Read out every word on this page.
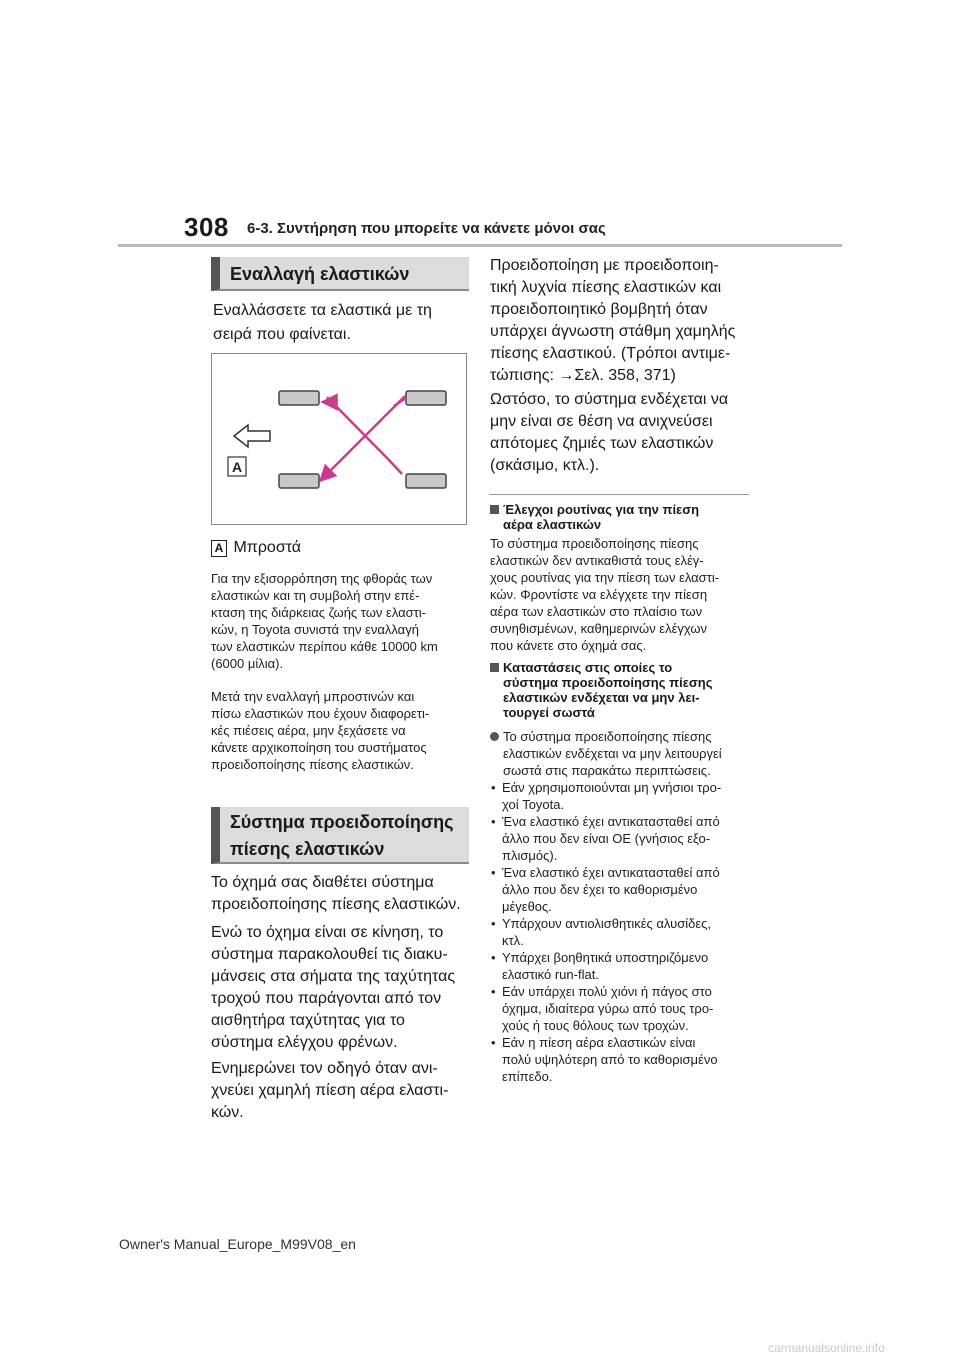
308 6-3. Συντήρηση που μπορείτε να κάνετε μόνοι σας
Εναλλαγή ελαστικών
Εναλλάσσετε τα ελαστικά με τη
σειρά που φαίνεται.
A
A Μπροστά
Για την εξισορρόπηση της φθοράς των
ελαστικών και τη συμβολή στην επέ-
κταση της διάρκειας ζωής των ελαστι-
κών, η Toyota συνιστά την εναλλαγή
των ελαστικών περίπου κάθε 10000 km
(6000 μίλια).
Μετά την εναλλαγή μπροστινών και
πίσω ελαστικών που έχουν διαφορετι-
κές πιέσεις αέρα, μην ξεχάσετε να
κάνετε αρχικοποίηση του συστήματος
προειδοποίησης πίεσης ελαστικών.
Σύστημα προειδοποίησης
πίεσης ελαστικών
Το όχημά σας διαθέτει σύστημα
προειδοποίησης πίεσης ελαστικών.
Ενώ το όχημα είναι σε κίνηση, το
σύστημα παρακολουθεί τις διακυ-
μάνσεις στα σήματα της ταχύτητας
τροχού που παράγονται από τον
αισθητήρα ταχύτητας για το
σύστημα ελέγχου φρένων.
Ενημερώνει τον οδηγό όταν ανι-
χνεύει χαμηλή πίεση αέρα ελαστι-
κών.
Προειδοποίηση με προειδοποιη-
τική λυχνία πίεσης ελαστικών και
προειδοποιητικό βομβητή όταν
υπάρχει άγνωστη στάθμη χαμηλής
πίεσης ελαστικού. (Τρόποι αντιμε-
τώπισης: →Σελ. 358, 371)
Ωστόσο, το σύστημα ενδέχεται να
μην είναι σε θέση να ανιχνεύσει
απότομες ζημιές των ελαστικών
(σκάσιμο, κτλ.).
Έλεγχοι ρουτίνας για την πίεση
αέρα ελαστικών
Το σύστημα προειδοποίησης πίεσης
ελαστικών δεν αντικαθιστά τους ελέγ-
χους ρουτίνας για την πίεση των ελαστι-
κών. Φροντίστε να ελέγχετε την πίεση
αέρα των ελαστικών στο πλαίσιο των
συνηθισμένων, καθημερινών ελέγχων
που κάνετε στο όχημά σας.
Καταστάσεις στις οποίες το
σύστημα προειδοποίησης πίεσης
ελαστικών ενδέχεται να μην λει-
τουργεί σωστά
Το σύστημα προειδοποίησης πίεσης
ελαστικών ενδέχεται να μην λειτουργεί
σωστά στις παρακάτω περιπτώσεις.
• Εάν χρησιμοποιούνται μη γνήσιοι τρο-
χοί Toyota.
• Ένα ελαστικό έχει αντικατασταθεί από
άλλο που δεν είναι OE (γνήσιος εξο-
πλισμός).
• Ένα ελαστικό έχει αντικατασταθεί από
άλλο που δεν έχει το καθορισμένο
μέγεθος.
• Υπάρχουν αντιολισθητικές αλυσίδες,
κτλ.
• Υπάρχει βοηθητικά υποστηριζόμενο
ελαστικό run-flat.
• Εάν υπάρχει πολύ χιόνι ή πάγος στο
όχημα, ιδιαίτερα γύρω από τους τρο-
χούς ή τους θόλους των τροχών.
• Εάν η πίεση αέρα ελαστικών είναι
πολύ υψηλότερη από το καθορισμένο
επίπεδο.
Owner's Manual_Europe_M99V08_en
carmanualsonline.info
